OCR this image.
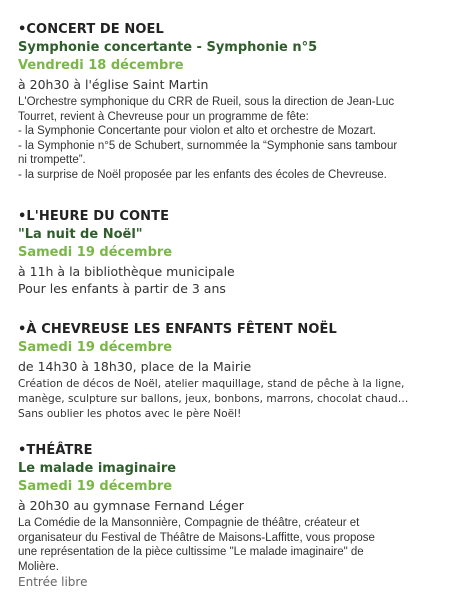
•CONCERT DE NOEL
Symphonie concertante - Symphonie n°5
Vendredi 18 décembre
à 20h30 à l'église Saint Martin
L'Orchestre symphonique du CRR de Rueil, sous la direction de Jean-Luc
Tourret, revient à Chevreuse pour un programme de fête:
- la Symphonie Concertante pour violon et alto et orchestre de Mozart.
- la Symphonie n°5 de Schubert, surnommée la “Symphonie sans tambour
ni trompette”.
- la surprise de Noël proposée par les enfants des écoles de Chevreuse.
•L'HEURE DU CONTE
"La nuit de Noël"
Samedi 19 décembre
à 11h à la bibliothèque municipale
Pour les enfants à partir de 3 ans
•À CHEVREUSE LES ENFANTS FÊTENT NOËL
Samedi 19 décembre
de 14h30 à 18h30, place de la Mairie
Création de décos de Noël, atelier maquillage, stand de pêche à la ligne,
manège, sculpture sur ballons, jeux, bonbons, marrons, chocolat chaud…
Sans oublier les photos avec le père Noël!
•THÉÂTRE
Le malade imaginaire
Samedi 19 décembre
à 20h30 au gymnase Fernand Léger
La Comédie de la Mansonnière, Compagnie de théâtre, créateur et
organisateur du Festival de Théâtre de Maisons-Laffitte, vous propose
une représentation de la pièce cultissime "Le malade imaginaire" de
Molière.
Entrée libre
